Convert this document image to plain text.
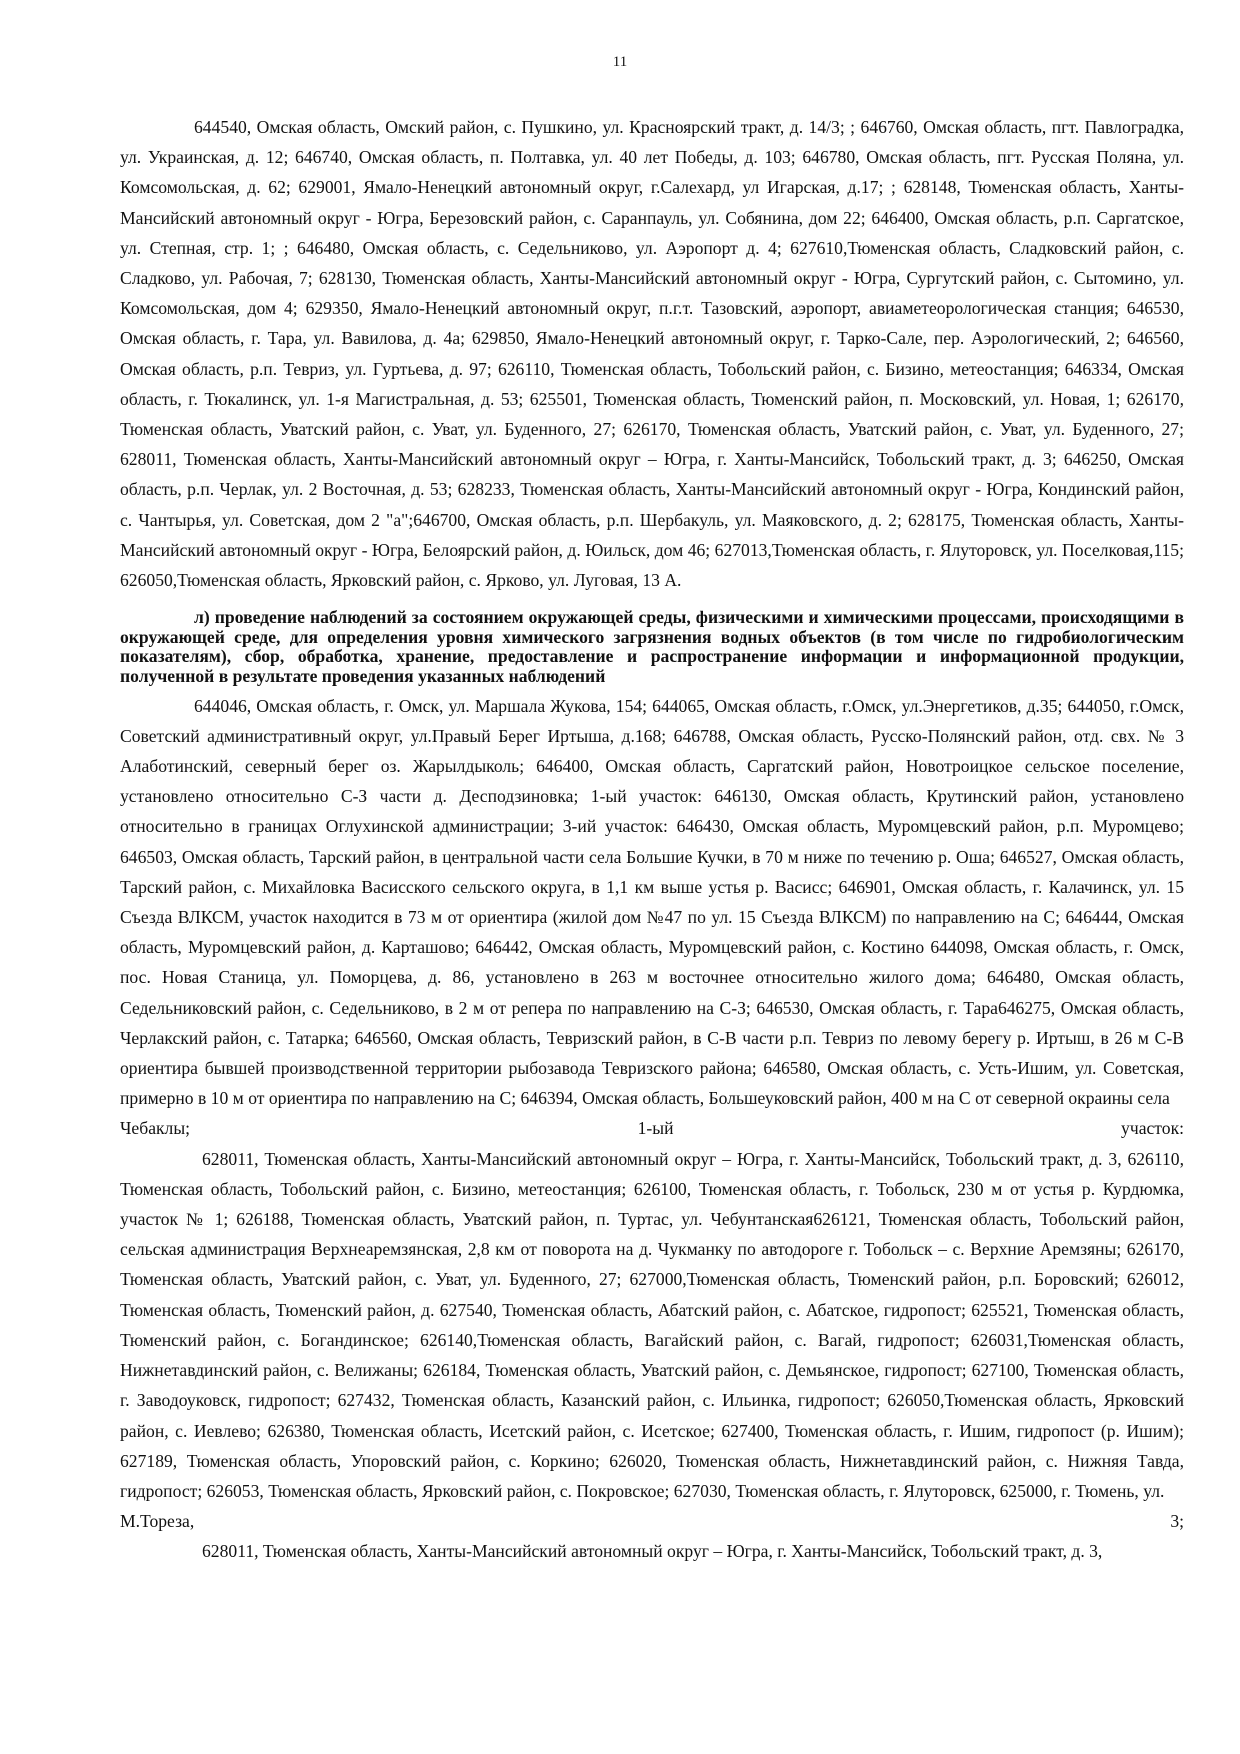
11

644540, Омская область, Омский район, с. Пушкино, ул. Красноярский тракт, д. 14/3; ; 646760, Омская область, пгт. Павлоградка, ул. Украинская, д. 12; 646740, Омская область, п. Полтавка, ул. 40 лет Победы, д. 103; 646780, Омская область, пгт. Русская Поляна, ул. Комсомольская, д. 62; 629001, Ямало-Ненецкий автономный округ, г.Салехард, ул Игарская, д.17; ; 628148, Тюменская область, Ханты-Мансийский автономный округ - Югра, Березовский район, с. Саранпауль, ул. Собянина, дом 22; 646400, Омская область, р.п. Саргатское, ул. Степная, стр. 1; ; 646480, Омская область, с. Седельниково, ул. Аэропорт д. 4; 627610,Тюменская область, Сладковский район, с. Сладково, ул. Рабочая, 7; 628130, Тюменская область, Ханты-Мансийский автономный округ - Югра, Сургутский район, с. Сытомино, ул. Комсомольская, дом 4; 629350, Ямало-Ненецкий автономный округ, п.г.т. Тазовский, аэропорт, авиаметеорологическая станция; 646530, Омская область, г. Тара, ул. Вавилова, д. 4а; 629850, Ямало-Ненецкий автономный округ, г. Тарко-Сале, пер. Аэрологический, 2; 646560, Омская область, р.п. Тевриз, ул. Гуртьева, д. 97; 626110, Тюменская область, Тобольский район, с. Бизино, метеостанция; 646334, Омская область, г. Тюкалинск, ул. 1-я Магистральная, д. 53; 625501, Тюменская область, Тюменский район, п. Московский, ул. Новая, 1; 626170, Тюменская область, Уватский район, с. Уват, ул. Буденного, 27; 626170, Тюменская область, Уватский район, с. Уват, ул. Буденного, 27; 628011, Тюменская область, Ханты-Мансийский автономный округ – Югра, г. Ханты-Мансийск, Тобольский тракт, д. 3; 646250, Омская область, р.п. Черлак, ул. 2 Восточная, д. 53; 628233, Тюменская область, Ханты-Мансийский автономный округ - Югра, Кондинский район, с. Чантырья, ул. Советская, дом 2 "а";646700, Омская область, р.п. Шербакуль, ул. Маяковского, д. 2; 628175, Тюменская область, Ханты-Мансийский автономный округ - Югра, Белоярский район, д. Юильск, дом 46; 627013,Тюменская область, г. Ялуторовск, ул. Поселковая,115; 626050,Тюменская область, Ярковский район, с. Ярково, ул. Луговая, 13 А.

л) проведение наблюдений за состоянием окружающей среды, физическими и химическими процессами, происходящими в окружающей среде, для определения уровня химического загрязнения водных объектов (в том числе по гидробиологическим показателям), сбор, обработка, хранение, предоставление и распространение информации и информационной продукции, полученной в результате проведения указанных наблюдений

644046, Омская область, г. Омск, ул. Маршала Жукова, 154; 644065, Омская область, г.Омск, ул.Энергетиков, д.35; 644050, г.Омск, Советский административный округ, ул.Правый Берег Иртыша, д.168; 646788, Омская область, Русско-Полянский район, отд. свх. № 3 Алаботинский, северный берег оз. Жарылдыколь; 646400, Омская область, Саргатский район, Новотроицкое сельское поселение, установлено относительно С-З части д. Десподзиновка; 1-ый участок: 646130, Омская область, Крутинский район, установлено относительно в границах Оглухинской администрации; 3-ий участок: 646430, Омская область, Муромцевский район, р.п. Муромцево; 646503, Омская область, Тарский район, в центральной части села Большие Кучки, в 70 м ниже по течению р. Оша; 646527, Омская область, Тарский район, с. Михайловка Васисского сельского округа, в 1,1 км выше устья р. Васисс; 646901, Омская область, г. Калачинск, ул. 15 Съезда ВЛКСМ, участок находится в 73 м от ориентира (жилой дом №47 по ул. 15 Съезда ВЛКСМ) по направлению на С; 646444, Омская область, Муромцевский район, д. Карташово; 646442, Омская область, Муромцевский район, с. Костино 644098, Омская область, г. Омск, пос. Новая Станица, ул. Поморцева, д. 86, установлено в 263 м восточнее относительно жилого дома; 646480, Омская область, Седельниковский район, с. Седельниково, в 2 м от репера по направлению на С-З; 646530, Омская область, г. Тара646275, Омская область, Черлакский район, с. Татарка; 646560, Омская область, Тевризский район, в С-В части р.п. Тевриз по левому берегу р. Иртыш, в 26 м С-В ориентира бывшей производственной территории рыбозавода Тевризского района; 646580, Омская область, с. Усть-Ишим, ул. Советская, примерно в 10 м от ориентира по направлению на С; 646394, Омская область, Большеуковский район, 400 м на С от северной окраины села

Чебаклы;	1-ый	участок:

628011, Тюменская область, Ханты-Мансийский автономный округ – Югра, г. Ханты-Мансийск, Тобольский тракт, д. 3, 626110, Тюменская область, Тобольский район, с. Бизино, метеостанция; 626100, Тюменская область, г. Тобольск, 230 м от устья р. Курдюмка, участок № 1; 626188, Тюменская область, Уватский район, п. Туртас, ул. Чебунтанская626121, Тюменская область, Тобольский район, сельская администрация Верхнеаремзянская, 2,8 км от поворота на д. Чукманку по автодороге г. Тобольск – с. Верхние Аремзяны; 626170, Тюменская область, Уватский район, с. Уват, ул. Буденного, 27; 627000,Тюменская область, Тюменский район, р.п. Боровский; 626012, Тюменская область, Тюменский район, д. 627540, Тюменская область, Абатский район, с. Абатское, гидропост; 625521, Тюменская область, Тюменский район, с. Богандинское; 626140,Тюменская область, Вагайский район, с. Вагай, гидропост; 626031,Тюменская область, Нижнетавдинский район, с. Велижаны; 626184, Тюменская область, Уватский район, с. Демьянское, гидропост; 627100, Тюменская область, г. Заводоуковск, гидропост; 627432, Тюменская область, Казанский район, с. Ильинка, гидропост; 626050,Тюменская область, Ярковский район, с. Иевлево; 626380, Тюменская область, Исетский район, с. Исетское; 627400, Тюменская область, г. Ишим, гидропост (р. Ишим); 627189, Тюменская область, Упоровский район, с. Коркино; 626020, Тюменская область, Нижнетавдинский район, с. Нижняя Тавда, гидропост; 626053, Тюменская область, Ярковский район, с. Покровское; 627030, Тюменская область, г. Ялуторовск, 625000, г. Тюмень, ул.

М.Тореза,	3;

628011, Тюменская область, Ханты-Мансийский автономный округ – Югра, г. Ханты-Мансийск, Тобольский тракт, д. 3,
